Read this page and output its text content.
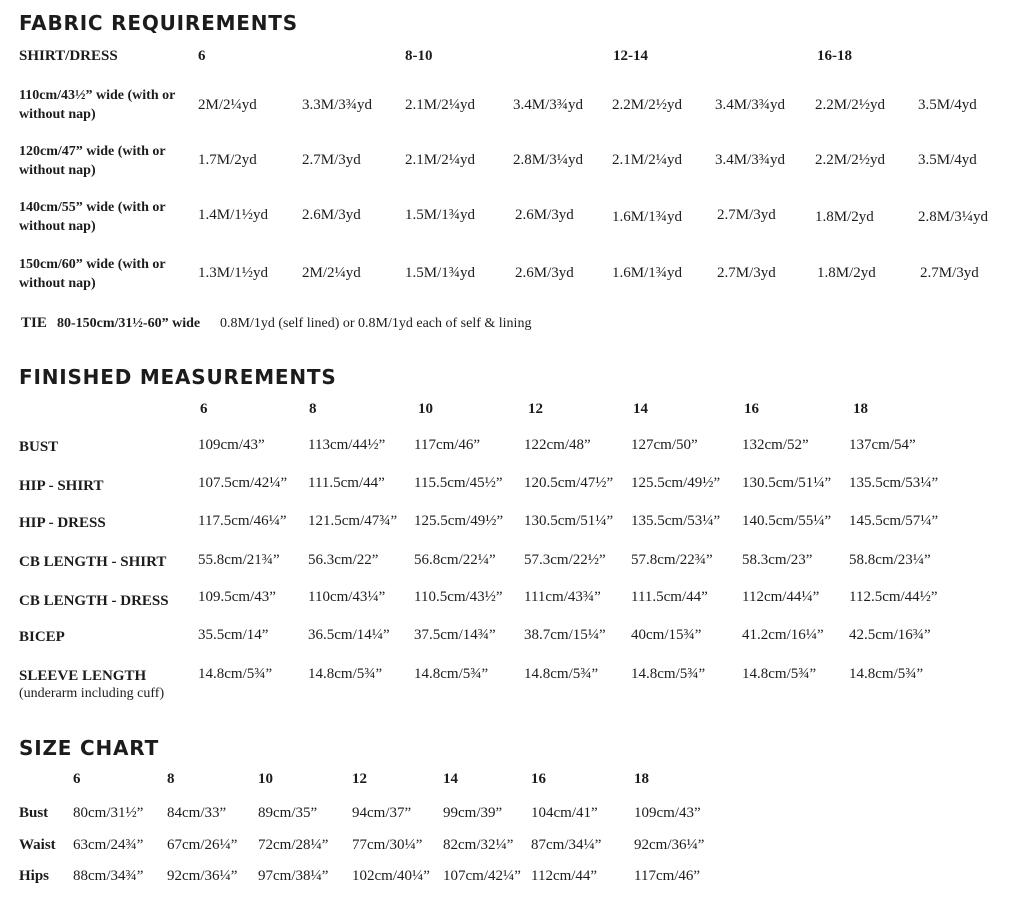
FABRIC REQUIREMENTS
SHIRT/DRESS	6	8-10	12-14	16-18
110cm/43½” wide (with or without nap)
2M/2¼yd	3.3M/3¾yd 2.1M/2¼yd	3.4M/3¾yd 2.2M/2½yd 3.4M/3¾yd 2.2M/2½yd 3.5M/4yd
120cm/47” wide (with or without nap)
1.7M/2yd	2.7M/3yd	2.1M/2¼yd	2.8M/3¼yd 2.1M/2¼yd 3.4M/3¾yd 2.2M/2½yd 3.5M/4yd
140cm/55” wide (with or without nap)
1.4M/1½yd 2.6M/3yd	1.5M/1¾yd	2.6M/3yd	1.6M/1¾yd 2.7M/3yd	1.8M/2yd	2.8M/3¼yd
150cm/60” wide (with or without nap)
1.3M/1½yd 2M/2¼yd	1.5M/1¾yd	2.6M/3yd	1.6M/1¾yd 2.7M/3yd	1.8M/2yd	2.7M/3yd
TIE 80-150cm/31½-60” wide 0.8M/1yd (self lined) or 0.8M/1yd each of self & lining
FINISHED MEASUREMENTS
6	8	10	12	14	16	18
BUST	109cm/43”	113cm/44½” 117cm/46”	122cm/48”	127cm/50”	132cm/52”	137cm/54”
HIP - SHIRT	107.5cm/42¼” 111.5cm/44” 115.5cm/45½” 120.5cm/47½” 125.5cm/49½” 130.5cm/51¼” 135.5cm/53¼”
HIP - DRESS	117.5cm/46¼” 121.5cm/47¾” 125.5cm/49½” 130.5cm/51¼” 135.5cm/53¼” 140.5cm/55¼” 145.5cm/57¼”
CB LENGTH - SHIRT 55.8cm/21¾” 56.3cm/22” 56.8cm/22¼” 57.3cm/22½” 57.8cm/22¾” 58.3cm/23” 58.8cm/23¼”
CB LENGTH - DRESS 109.5cm/43” 110cm/43¼” 110.5cm/43½” 111cm/43¾” 111.5cm/44” 112cm/44¼” 112.5cm/44½”
BICEP	35.5cm/14”	36.5cm/14¼” 37.5cm/14¾” 38.7cm/15¼” 40cm/15¾”	41.2cm/16¼” 42.5cm/16¾”
SLEEVE LENGTH
(underarm including cuff)
14.8cm/5¾” 14.8cm/5¾” 14.8cm/5¾” 14.8cm/5¾” 14.8cm/5¾” 14.8cm/5¾” 14.8cm/5¾”
SIZE CHART
6	8	10	12	14	16	18
Bust 80cm/31½” 84cm/33” 89cm/35” 94cm/37” 99cm/39” 104cm/41” 109cm/43”
Waist 63cm/24¾” 67cm/26¼” 72cm/28¼” 77cm/30¼” 82cm/32¼” 87cm/34¼” 92cm/36¼”
Hips 88cm/34¾” 92cm/36¼” 97cm/38¼” 102cm/40¼” 107cm/42¼” 112cm/44” 117cm/46”
